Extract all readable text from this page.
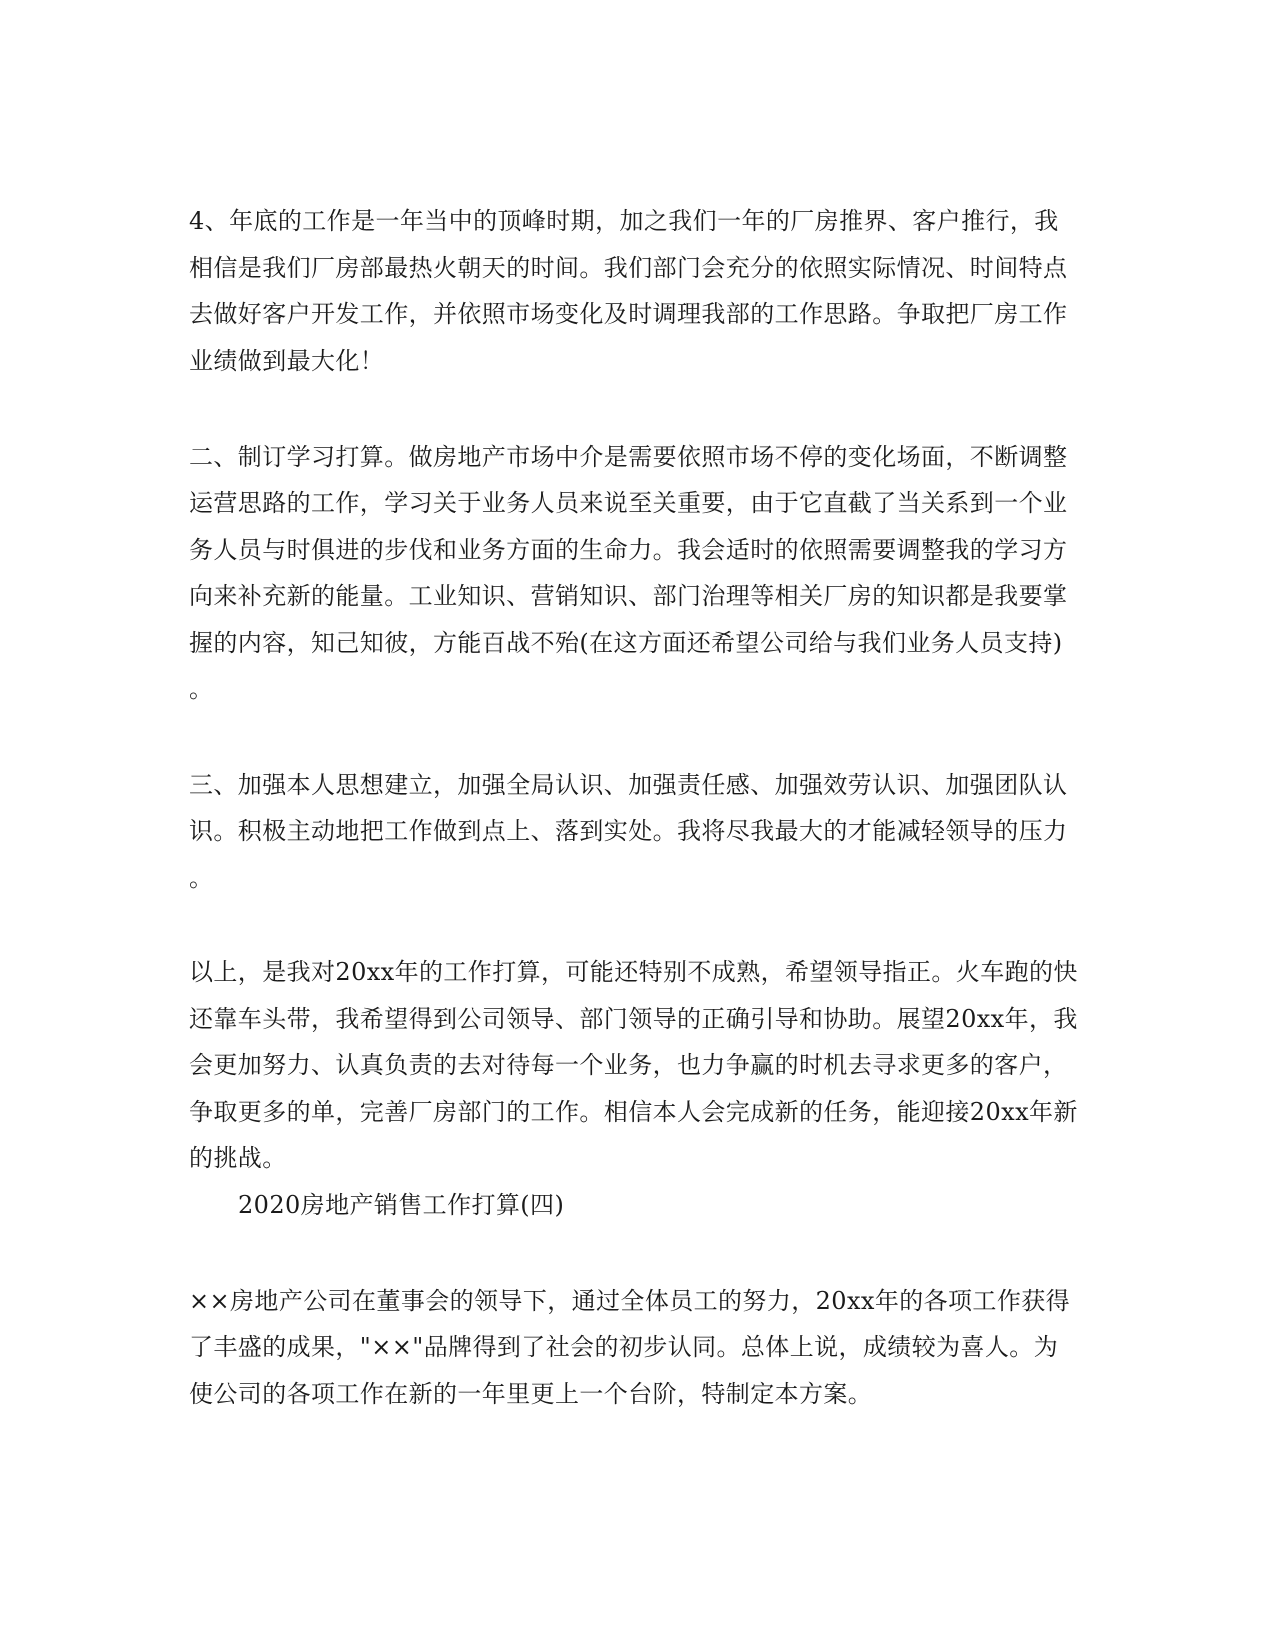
4、年底的工作是一年当中的顶峰时期，加之我们一年的厂房推界、客户推行，我

相信是我们厂房部最热火朝天的时间。我们部门会充分的依照实际情况、时间特点

去做好客户开发工作，并依照市场变化及时调理我部的工作思路。争取把厂房工作

业绩做到最大化！

二、制订学习打算。做房地产市场中介是需要依照市场不停的变化场面，不断调整

运营思路的工作，学习关于业务人员来说至关重要，由于它直截了当关系到一个业

务人员与时俱进的步伐和业务方面的生命力。我会适时的依照需要调整我的学习方

向来补充新的能量。工业知识、营销知识、部门治理等相关厂房的知识都是我要掌

握的内容，知己知彼，方能百战不殆(在这方面还希望公司给与我们业务人员支持)

。

三、加强本人思想建立，加强全局认识、加强责任感、加强效劳认识、加强团队认

识。积极主动地把工作做到点上、落到实处。我将尽我最大的才能减轻领导的压力

。

以上，是我对20xx年的工作打算，可能还特别不成熟，希望领导指正。火车跑的快

还靠车头带，我希望得到公司领导、部门领导的正确引导和协助。展望20xx年，我

会更加努力、认真负责的去对待每一个业务，也力争赢的时机去寻求更多的客户，

争取更多的单，完善厂房部门的工作。相信本人会完成新的任务，能迎接20xx年新

的挑战。

2020房地产销售工作打算(四)

××房地产公司在董事会的领导下，通过全体员工的努力，20xx年的各项工作获得

了丰盛的成果，"××"品牌得到了社会的初步认同。总体上说，成绩较为喜人。为

使公司的各项工作在新的一年里更上一个台阶，特制定本方案。
